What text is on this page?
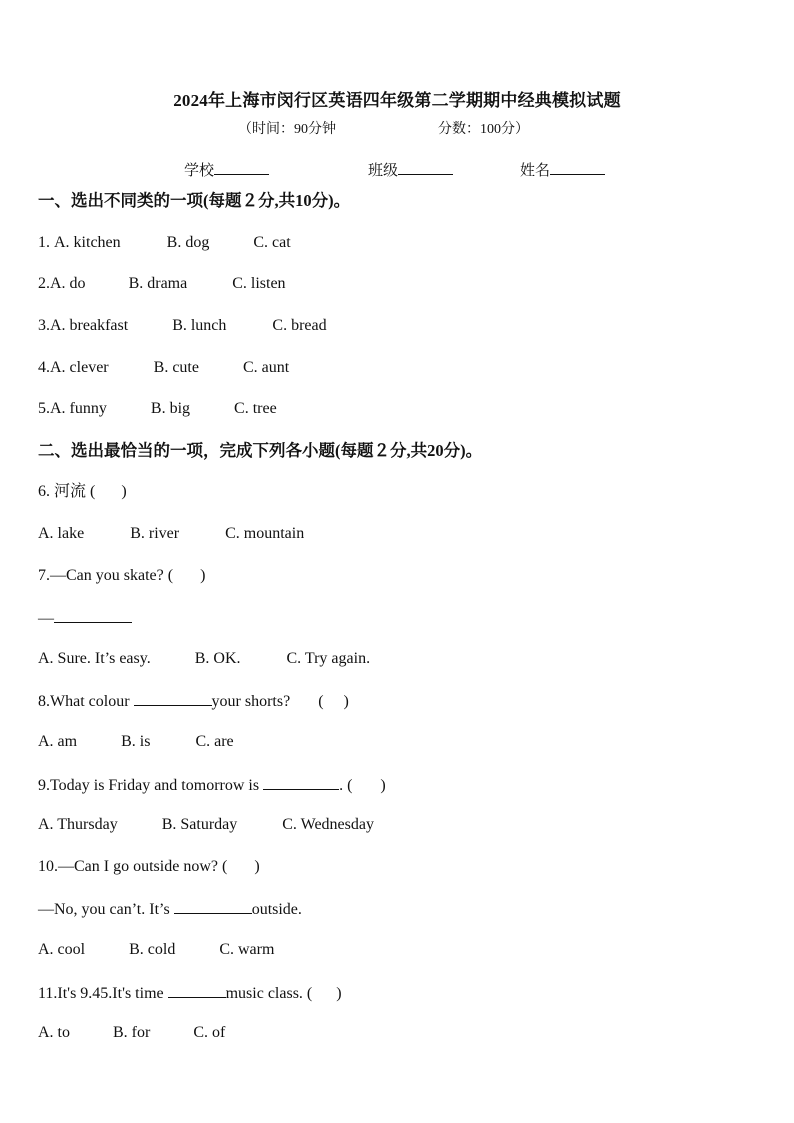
2024年上海市闵行区英语四年级第二学期期中经典模拟试题
（时间：90分钟	分数：100分）
学校	班级	姓名
一、选出不同类的一项(每题２分,共10分)。
1. A. kitchen	B. dog	C. cat
2.A. do	B. drama	C. listen
3.A. breakfast	B. lunch	C. bread
4.A. clever	B. cute	C. aunt
5.A. funny	B. big	C. tree
二、选出最恰当的一项，完成下列各小题(每题２分,共20分)。
6. 河流 ( )
A. lake	B. river	C. mountain
7.—Can you skate? ( )
—
A. Sure. It’s easy.	B. OK.	C. Try again.
8.What colour	your shorts? (     )
A. am	B. is	C. are
9.Today is Friday and tomorrow is	. ( )
A. Thursday	B. Saturday	C. Wednesday
10.—Can I go outside now? ( )
—No, you can’t. It’s	outside.
A. cool	B. cold	C. warm
11.It's 9.45.It's time	music class. ( )
A. to	B. for	C. of
